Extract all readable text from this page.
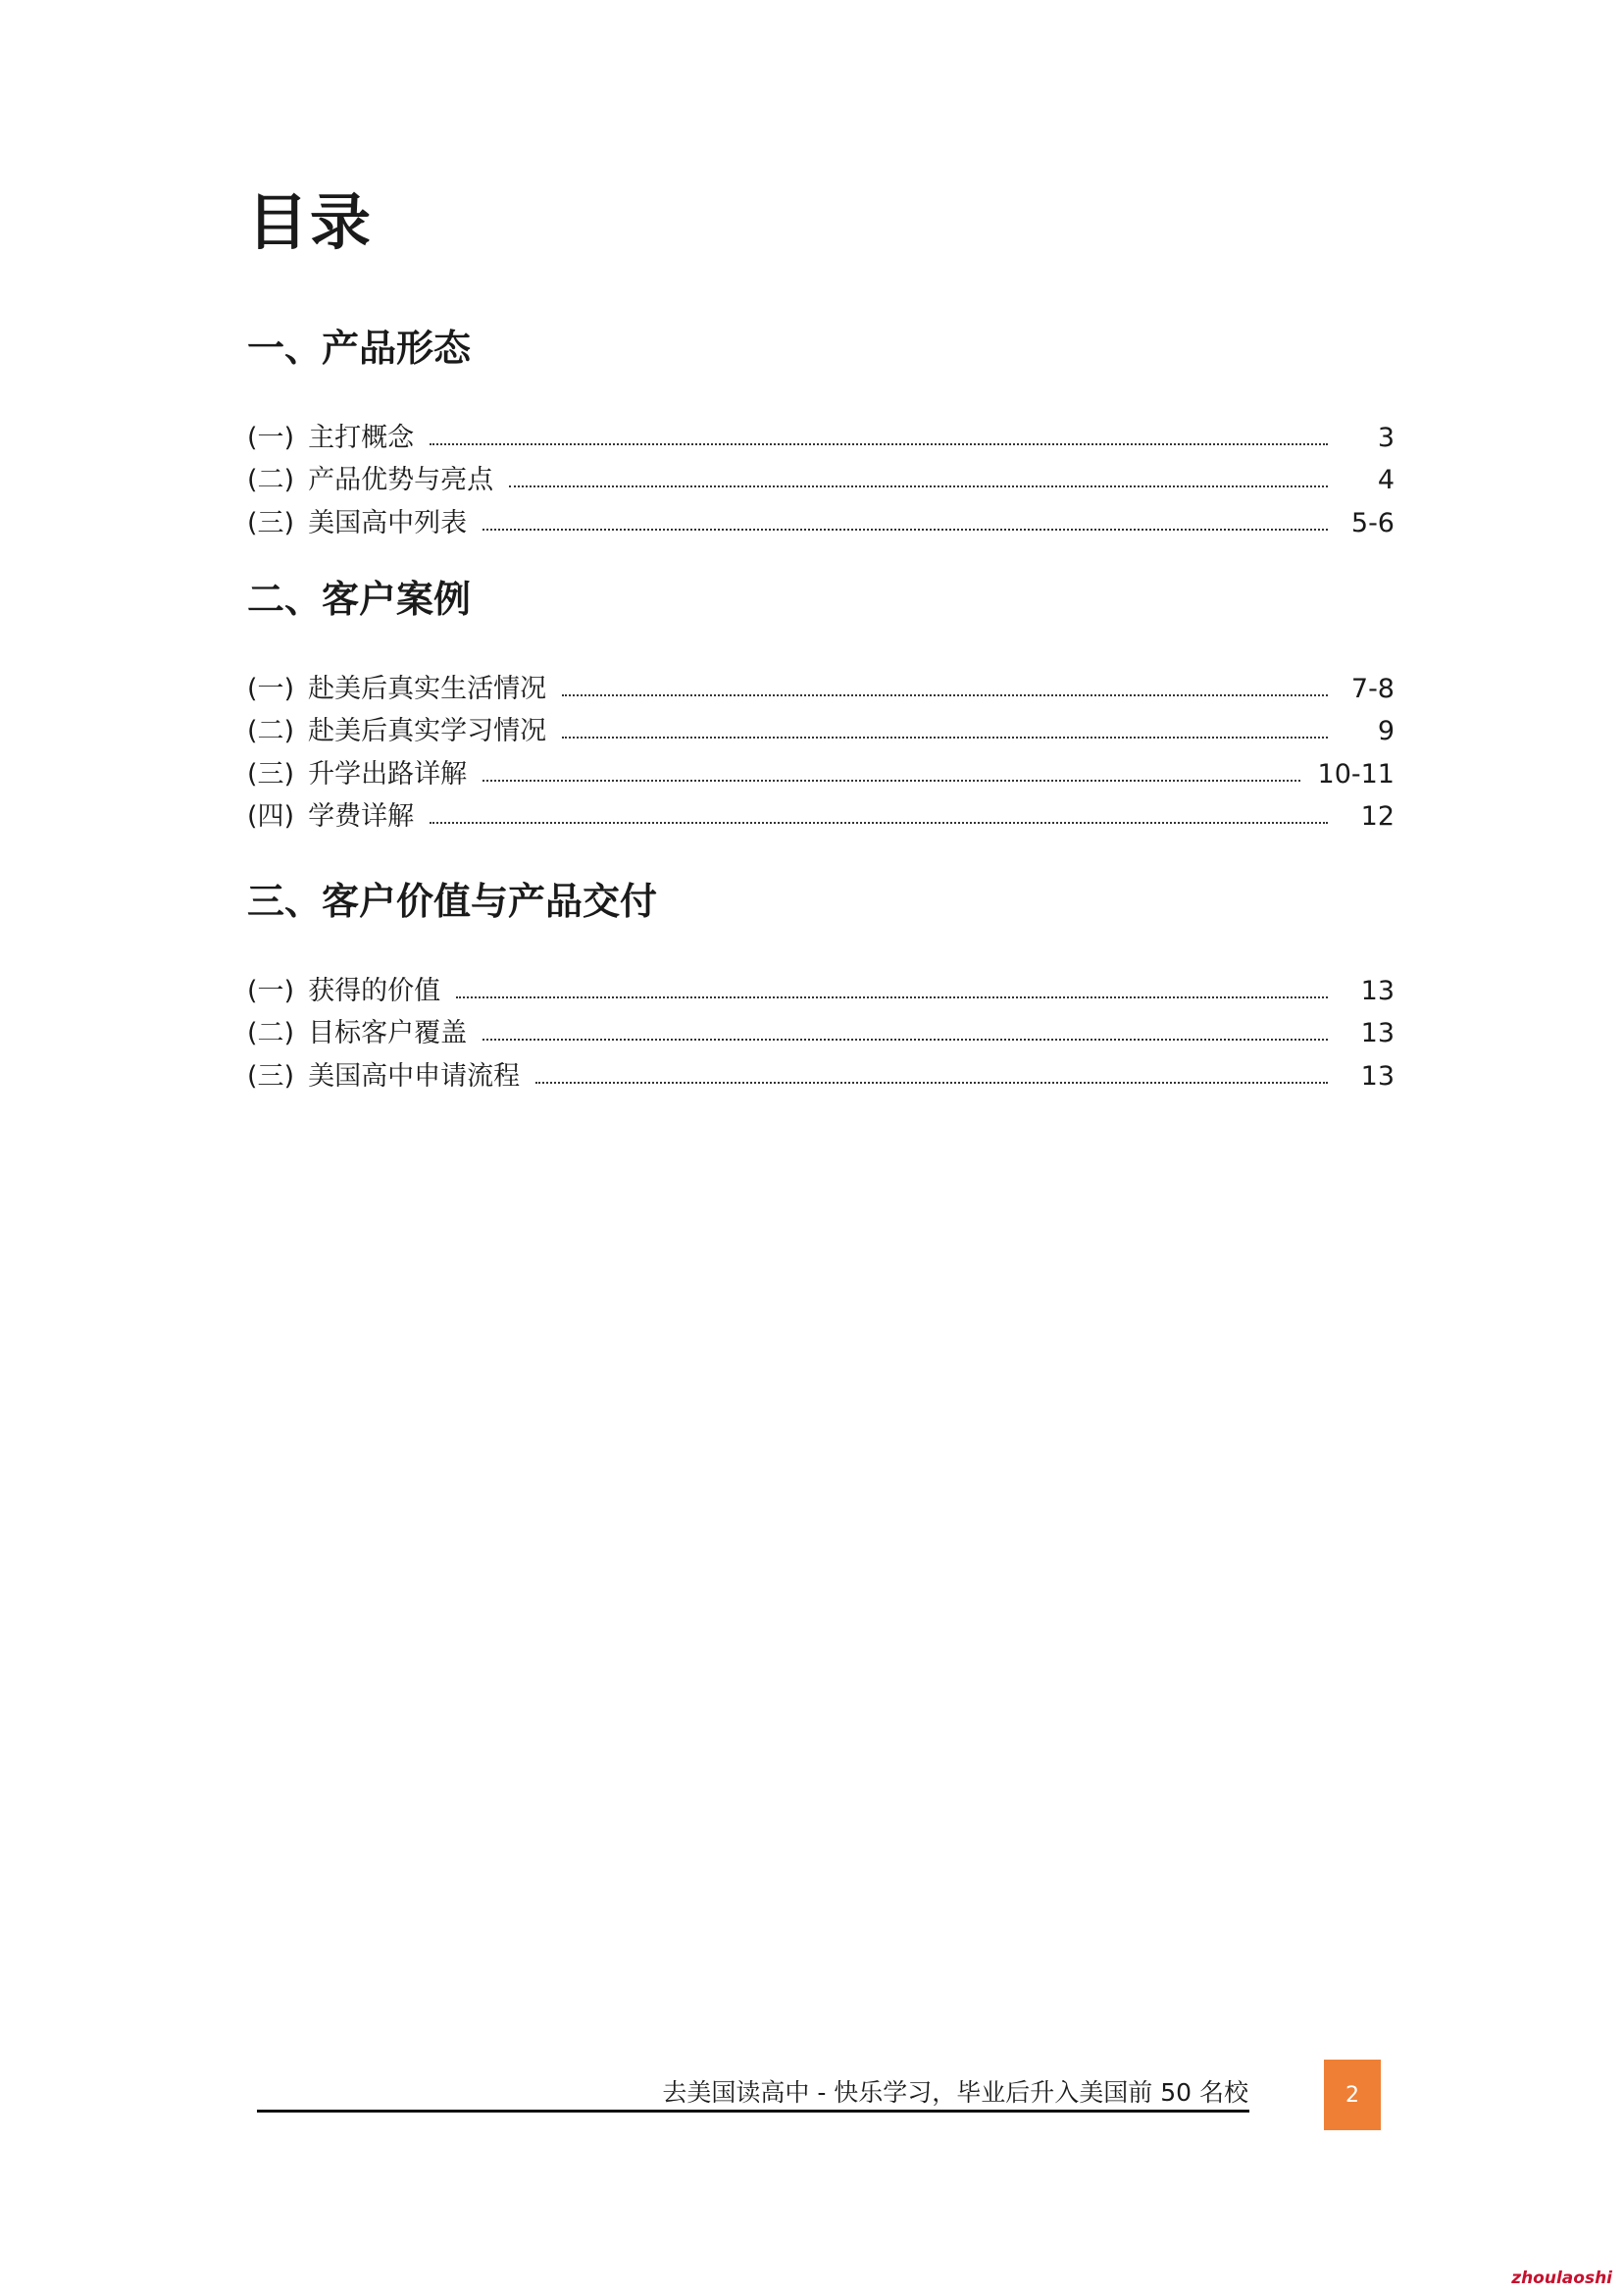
目录
一、产品形态
(一) 主打概念	3
(二) 产品优势与亮点	4
(三) 美国高中列表	5-6
二、客户案例
(一) 赴美后真实生活情况	7-8
(二) 赴美后真实学习情况	9
(三) 升学出路详解	10-11
(四) 学费详解	12
三、客户价值与产品交付
(一) 获得的价值	13
(二) 目标客户覆盖	13
(三) 美国高中申请流程	13
去美国读高中 - 快乐学习，毕业后升入美国前 50 名校	2
zhoulaoshi
